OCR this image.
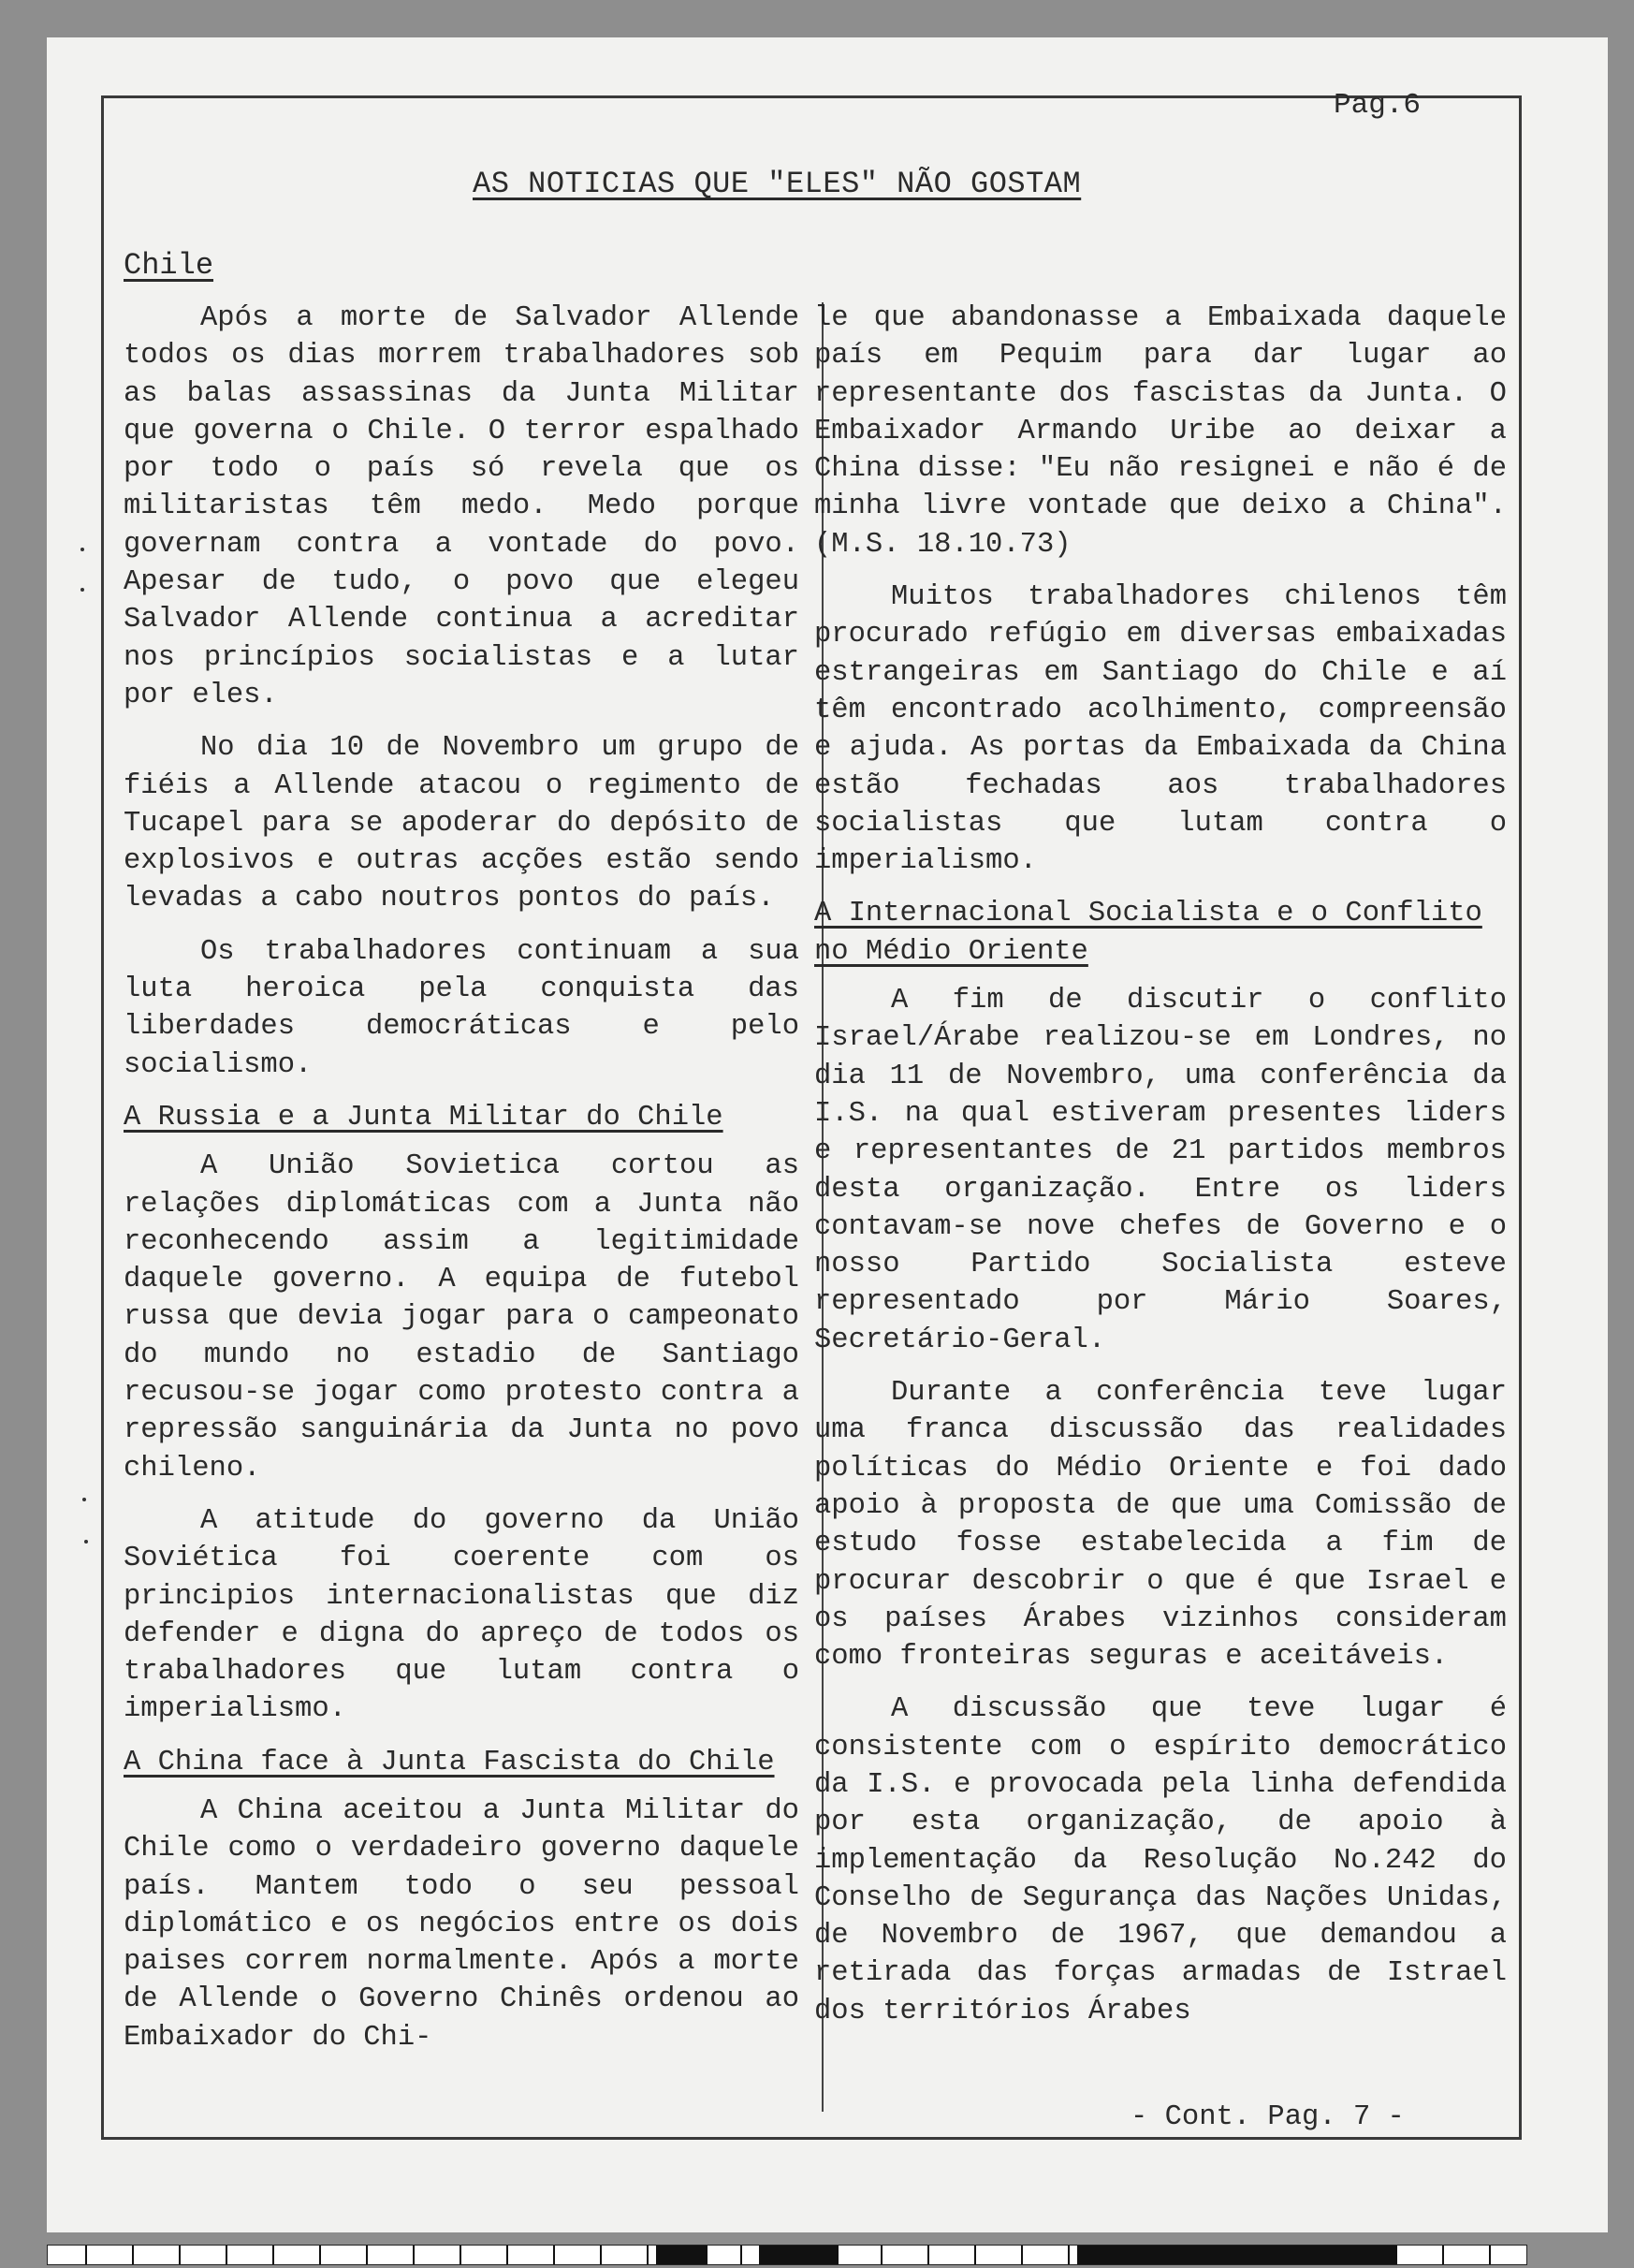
Pag.6
AS NOTICIAS QUE "ELES" NÃO GOSTAM
Chile

Após a morte de Salvador Allende todos os dias morrem trabalhadores sob as balas assassinas da Junta Militar que governa o Chile. O terror espalhado por todo o país só revela que os militaristas têm medo. Medo porque governam contra a vontade do povo. Apesar de tudo, o povo que elegeu Salvador Allende continua a acreditar nos princípios socialistas e a lutar por eles.

No dia 10 de Novembro um grupo de fiéis a Allende atacou o regimento de Tucapel para se apoderar do depósito de explosivos e outras acções estão sendo levadas a cabo noutros pontos do país.

Os trabalhadores continuam a sua luta heroica pela conquista das liberdades democráticas e pelo socialismo.

A Russia e a Junta Militar do Chile

A União Sovietica cortou as relações diplomáticas com a Junta não reconhecendo assim a legitimidade daquele governo. A equipa de futebol russa que devia jogar para o campeonato do mundo no estadio de Santiago recusou-se jogar como protesto contra a repressão sanguinária da Junta no povo chileno.

A atitude do governo da União Soviética foi coerente com os principios internacionalistas que diz defender e digna do apreço de todos os trabalhadores que lutam contra o imperialismo.

A China face à Junta Fascista do Chile

A China aceitou a Junta Militar do Chile como o verdadeiro governo daquele país. Mantem todo o seu pessoal diplomático e os negócios entre os dois paises correm normalmente. Após a morte de Allende o Governo Chinês ordenou ao Embaixador do Chi-

le que abandonasse a Embaixada daquele país em Pequim para dar lugar ao representante dos fascistas da Junta. O Embaixador Armando Uribe ao deixar a China disse: "Eu não resignei e não é de minha livre vontade que deixo a China". (M.S. 18.10.73)

Muitos trabalhadores chilenos têm procurado refúgio em diversas embaixadas estrangeiras em Santiago do Chile e aí têm encontrado acolhimento, compreensão e ajuda. As portas da Embaixada da China estão fechadas aos trabalhadores socialistas que lutam contra o imperialismo.

A Internacional Socialista e o Conflito no Médio Oriente

A fim de discutir o conflito Israel/Árabe realizou-se em Londres, no dia 11 de Novembro, uma conferência da I.S. na qual estiveram presentes liders e representantes de 21 partidos membros desta organização. Entre os liders contavam-se nove chefes de Governo e o nosso Partido Socialista esteve representado por Mário Soares, Secretário-Geral.

Durante a conferência teve lugar uma franca discussão das realidades políticas do Médio Oriente e foi dado apoio à proposta de que uma Comissão de estudo fosse estabelecida a fim de procurar descobrir o que é que Israel e os países Árabes vizinhos consideram como fronteiras seguras e aceitáveis.

A discussão que teve lugar é consistente com o espírito democrático da I.S. e provocada pela linha defendida por esta organização, de apoio à implementação da Resolução No.242 do Conselho de Segurança das Nações Unidas, de Novembro de 1967, que demandou a retirada das forças armadas de Istrael dos territórios Árabes

- Cont. Pag. 7 -
